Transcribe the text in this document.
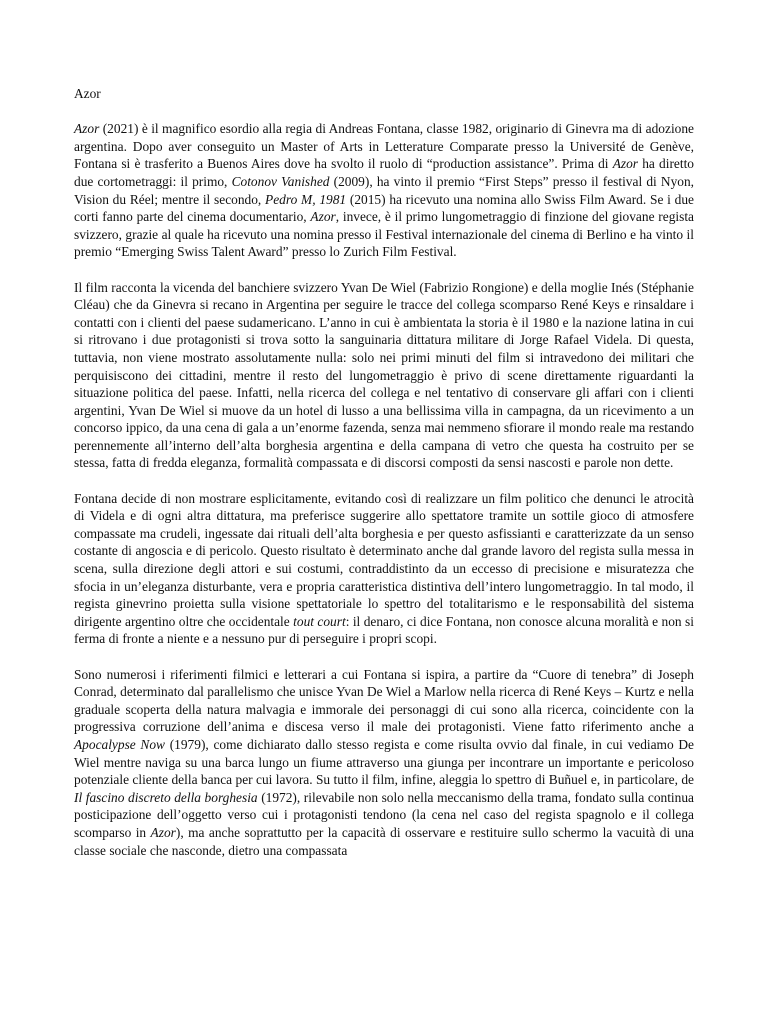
Azor

Azor (2021) è il magnifico esordio alla regia di Andreas Fontana, classe 1982, originario di Ginevra ma di adozione argentina. Dopo aver conseguito un Master of Arts in Letterature Comparate presso la Université de Genève, Fontana si è trasferito a Buenos Aires dove ha svolto il ruolo di “production assistance”. Prima di Azor ha diretto due cortometraggi: il primo, Cotonov Vanished (2009), ha vinto il premio “First Steps” presso il festival di Nyon, Vision du Réel; mentre il secondo, Pedro M, 1981 (2015) ha ricevuto una nomina allo Swiss Film Award. Se i due corti fanno parte del cinema documentario, Azor, invece, è il primo lungometraggio di finzione del giovane regista svizzero, grazie al quale ha ricevuto una nomina presso il Festival internazionale del cinema di Berlino e ha vinto il premio “Emerging Swiss Talent Award” presso lo Zurich Film Festival.

Il film racconta la vicenda del banchiere svizzero Yvan De Wiel (Fabrizio Rongione) e della moglie Inés (Stéphanie Cléau) che da Ginevra si recano in Argentina per seguire le tracce del collega scomparso René Keys e rinsaldare i contatti con i clienti del paese sudamericano. L’anno in cui è ambientata la storia è il 1980 e la nazione latina in cui si ritrovano i due protagonisti si trova sotto la sanguinaria dittatura militare di Jorge Rafael Videla. Di questa, tuttavia, non viene mostrato assolutamente nulla: solo nei primi minuti del film si intravedono dei militari che perquisiscono dei cittadini, mentre il resto del lungometraggio è privo di scene direttamente riguardanti la situazione politica del paese. Infatti, nella ricerca del collega e nel tentativo di conservare gli affari con i clienti argentini, Yvan De Wiel si muove da un hotel di lusso a una bellissima villa in campagna, da un ricevimento a un concorso ippico, da una cena di gala a un’enorme fazenda, senza mai nemmeno sfiorare il mondo reale ma restando perennemente all’interno dell’alta borghesia argentina e della campana di vetro che questa ha costruito per se stessa, fatta di fredda eleganza, formalità compassata e di discorsi composti da sensi nascosti e parole non dette.

Fontana decide di non mostrare esplicitamente, evitando così di realizzare un film politico che denunci le atrocità di Videla e di ogni altra dittatura, ma preferisce suggerire allo spettatore tramite un sottile gioco di atmosfere compassate ma crudeli, ingessate dai rituali dell’alta borghesia e per questo asfissianti e caratterizzate da un senso costante di angoscia e di pericolo. Questo risultato è determinato anche dal grande lavoro del regista sulla messa in scena, sulla direzione degli attori e sui costumi, contraddistinto da un eccesso di precisione e misuratezza che sfocia in un’eleganza disturbante, vera e propria caratteristica distintiva dell’intero lungometraggio. In tal modo, il regista ginevrino proietta sulla visione spettatoriale lo spettro del totalitarismo e le responsabilità del sistema dirigente argentino oltre che occidentale tout court: il denaro, ci dice Fontana, non conosce alcuna moralità e non si ferma di fronte a niente e a nessuno pur di perseguire i propri scopi.

Sono numerosi i riferimenti filmici e letterari a cui Fontana si ispira, a partire da “Cuore di tenebra” di Joseph Conrad, determinato dal parallelismo che unisce Yvan De Wiel a Marlow nella ricerca di René Keys – Kurtz e nella graduale scoperta della natura malvagia e immorale dei personaggi di cui sono alla ricerca, coincidente con la progressiva corruzione dell’anima e discesa verso il male dei protagonisti. Viene fatto riferimento anche a Apocalypse Now (1979), come dichiarato dallo stesso regista e come risulta ovvio dal finale, in cui vediamo De Wiel mentre naviga su una barca lungo un fiume attraverso una giunga per incontrare un importante e pericoloso potenziale cliente della banca per cui lavora. Su tutto il film, infine, aleggia lo spettro di Buñuel e, in particolare, de Il fascino discreto della borghesia (1972), rilevabile non solo nella meccanismo della trama, fondato sulla continua posticipazione dell’oggetto verso cui i protagonisti tendono (la cena nel caso del regista spagnolo e il collega scomparso in Azor), ma anche soprattutto per la capacità di osservare e restituire sullo schermo la vacuità di una classe sociale che nasconde, dietro una compassata
